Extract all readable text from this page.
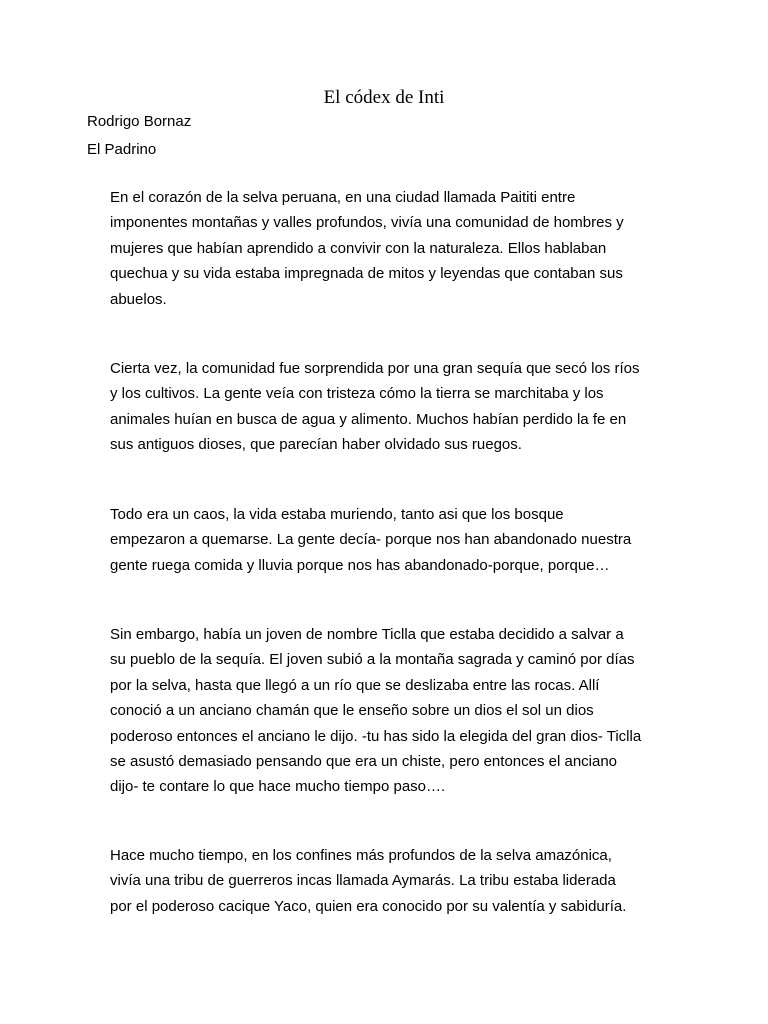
El códex de Inti
Rodrigo Bornaz
El Padrino

En el corazón de la selva peruana, en una ciudad llamada Paititi entre
imponentes montañas y valles profundos, vivía una comunidad de hombres y
mujeres que habían aprendido a convivir con la naturaleza. Ellos hablaban
quechua y su vida estaba impregnada de mitos y leyendas que contaban sus
abuelos.

Cierta vez, la comunidad fue sorprendida por una gran sequía que secó los ríos
y los cultivos. La gente veía con tristeza cómo la tierra se marchitaba y los
animales huían en busca de agua y alimento. Muchos habían perdido la fe en
sus antiguos dioses, que parecían haber olvidado sus ruegos.

Todo era un caos, la vida estaba muriendo, tanto asi que los bosque
empezaron a quemarse. La gente decía- porque nos han abandonado nuestra
gente ruega comida y lluvia porque nos has abandonado-porque, porque…

Sin embargo, había un joven de nombre Ticlla que estaba decidido a salvar a
su pueblo de la sequía. El joven subió a la montaña sagrada y caminó por días
por la selva, hasta que llegó a un río que se deslizaba entre las rocas. Allí
conoció a un anciano chamán que le enseño sobre un dios el sol un dios
poderoso entonces el anciano le dijo. -tu has sido la elegida del gran dios- Ticlla
se asustó demasiado pensando que era un chiste, pero entonces el anciano
dijo- te contare lo que hace mucho tiempo paso….

Hace mucho tiempo, en los confines más profundos de la selva amazónica,
vivía una tribu de guerreros incas llamada Aymarás. La tribu estaba liderada
por el poderoso cacique Yaco, quien era conocido por su valentía y sabiduría.
